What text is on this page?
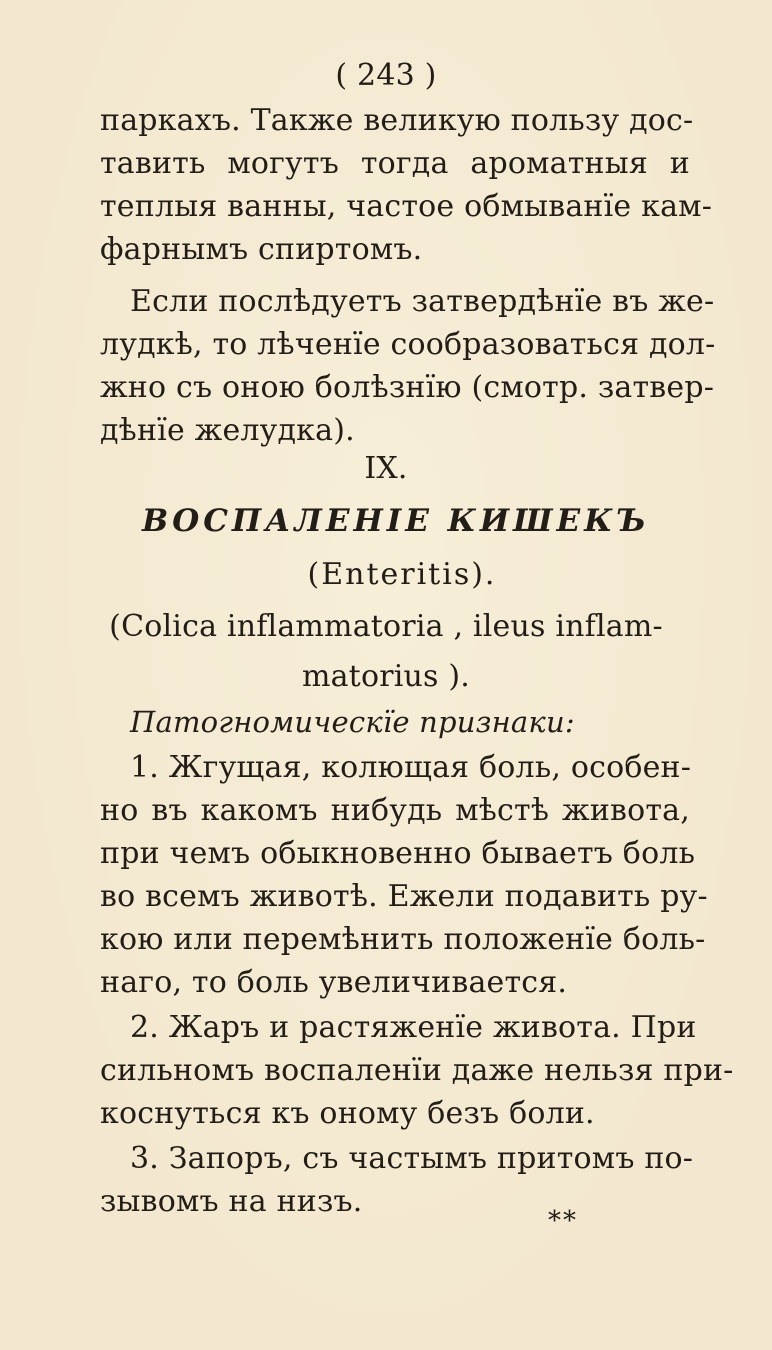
( 243 )
паркахъ. Также великую пользу дос-
тавить могутъ тогда ароматныя и
теплыя ванны, частое обмыванїе кам-
фарнымъ спиртомъ.
Если послѣдуетъ затвердѣнїе въ же-
лудкѣ, то лѣченїе сообразоваться дол-
жно съ оною болѣзнїю (смотр. затвер-
дѣнїе желудка).
IX.
ВОСПАЛЕНIЕ КИШЕКЪ
(Enteritis).
(Colica inflammatoria , ileus inflam-
matorius ).
Патогномическїе признаки:
1. Жгущая, колющая боль, особен-
но въ какомъ нибудь мѣстѣ живота,
при чемъ обыкновенно бываетъ боль
во всемъ животѣ. Ежели подавить ру-
кою или перемѣнить положенїе боль-
наго, то боль увеличивается.
2. Жаръ и растяженїе живота. При
сильномъ воспаленїи даже нельзя при-
коснуться къ оному безъ боли.
3. Запоръ, съ частымъ притомъ по-
зывомъ на низъ.
**
